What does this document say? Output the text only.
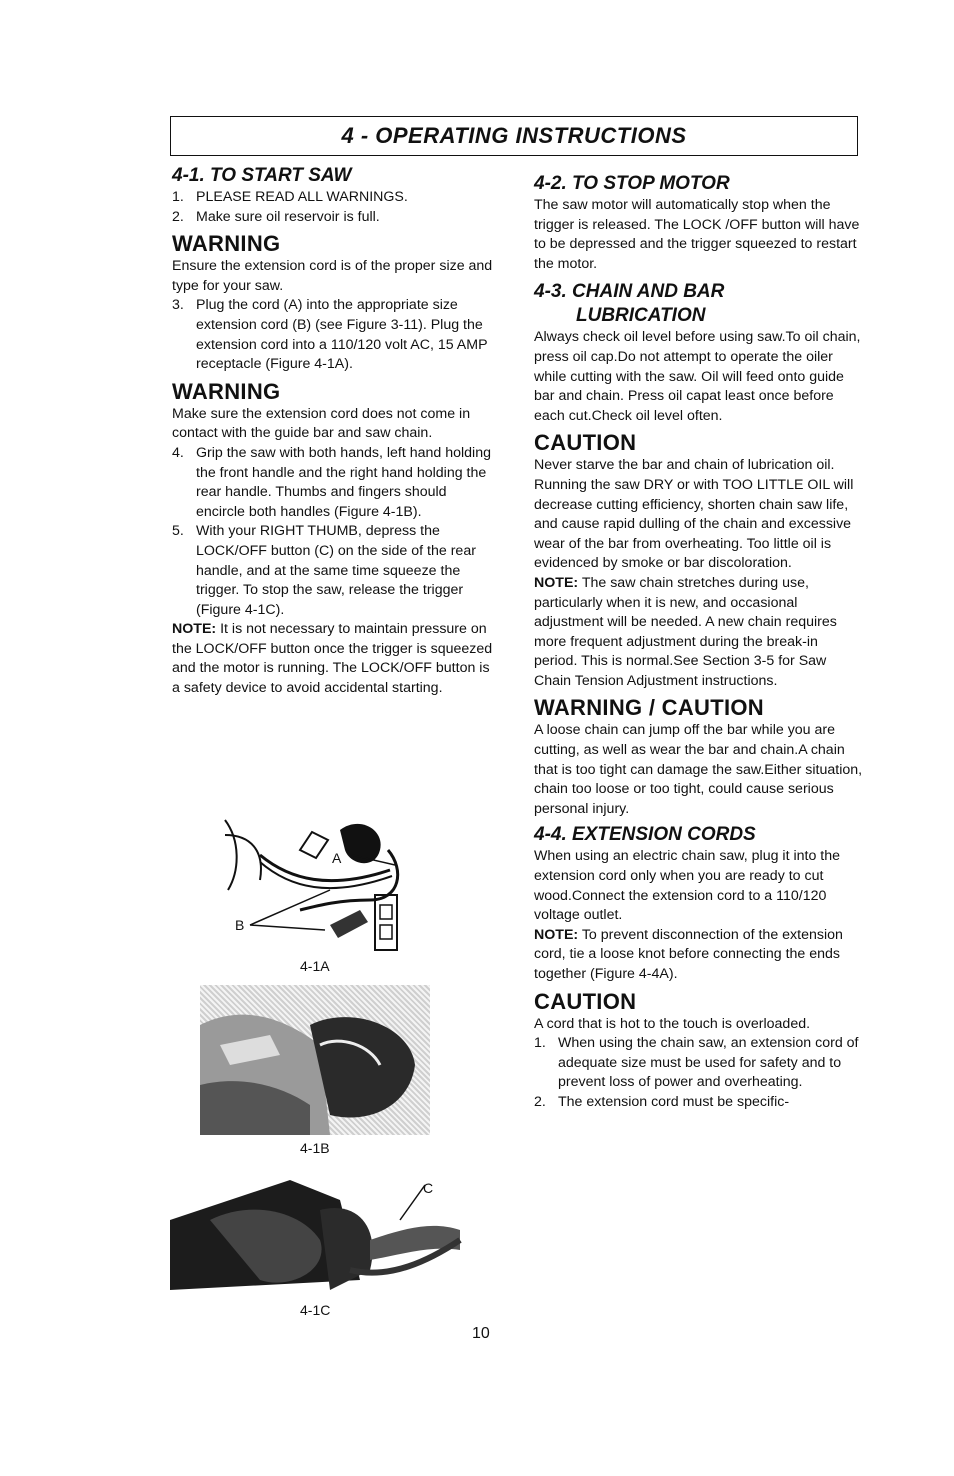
4 - OPERATING INSTRUCTIONS
4-1. TO START SAW
1. PLEASE READ ALL WARNINGS.
2. Make sure oil reservoir is full.
WARNING

Ensure the extension cord is of the proper size and type for your saw.

3. Plug the cord (A) into the appropriate size extension cord (B) (see Figure 3-11). Plug the extension cord into a 110/120 volt AC, 15 AMP receptacle (Figure 4-1A).
WARNING

Make sure the extension cord does not come in contact with the guide bar and saw chain.

4. Grip the saw with both hands, left hand holding the front handle and the right hand holding the rear handle. Thumbs and fingers should encircle both handles (Figure 4-1B).
5. With your RIGHT THUMB, depress the LOCK/OFF button (C) on the side of the rear handle, and at the same time squeeze the trigger. To stop the saw, release the trigger (Figure 4-1C).

NOTE: It is not necessary to maintain pressure on the LOCK/OFF button once the trigger is squeezed and the motor is running. The LOCK/OFF button is a safety device to avoid accidental starting.

A
B
4-1A
4-1B
C
4-1C
4-2. TO STOP MOTOR

The saw motor will automatically stop when the trigger is released. The LOCK /OFF button will have to be depressed and the trigger squeezed to restart the motor.

4-3. CHAIN AND BAR
LUBRICATION

Always check oil level before using saw.To oil chain, press oil cap.Do not attempt to operate the oiler while cutting with the saw. Oil will feed onto guide bar and chain. Press oil capat least once before each cut.Check oil level often.

CAUTION

Never starve the bar and chain of lubrication oil. Running the saw DRY or with TOO LITTLE OIL will decrease cutting efficiency, shorten chain saw life, and cause rapid dulling of the chain and excessive wear of the bar from overheating. Too little oil is evidenced by smoke or bar discoloration.

NOTE: The saw chain stretches during use, particularly when it is new, and occasional adjustment will be needed. A new chain requires more frequent adjustment during the break-in period. This is normal.See Section 3-5 for Saw Chain Tension Adjustment instructions.

WARNING / CAUTION

A loose chain can jump off the bar while you are cutting, as well as wear the bar and chain.A chain that is too tight can damage the saw.Either situation, chain too loose or too tight, could cause serious personal injury.

4-4. EXTENSION CORDS

When using an electric chain saw, plug it into the extension cord only when you are ready to cut wood.Connect the extension cord to a 110/120 voltage outlet.

NOTE: To prevent disconnection of the extension cord, tie a loose knot before connecting the ends together (Figure 4-4A).

CAUTION

A cord that is hot to the touch is overloaded.

1. When using the chain saw, an extension cord of adequate size must be used for safety and to prevent loss of power and overheating.
2. The extension cord must be specific-
10
